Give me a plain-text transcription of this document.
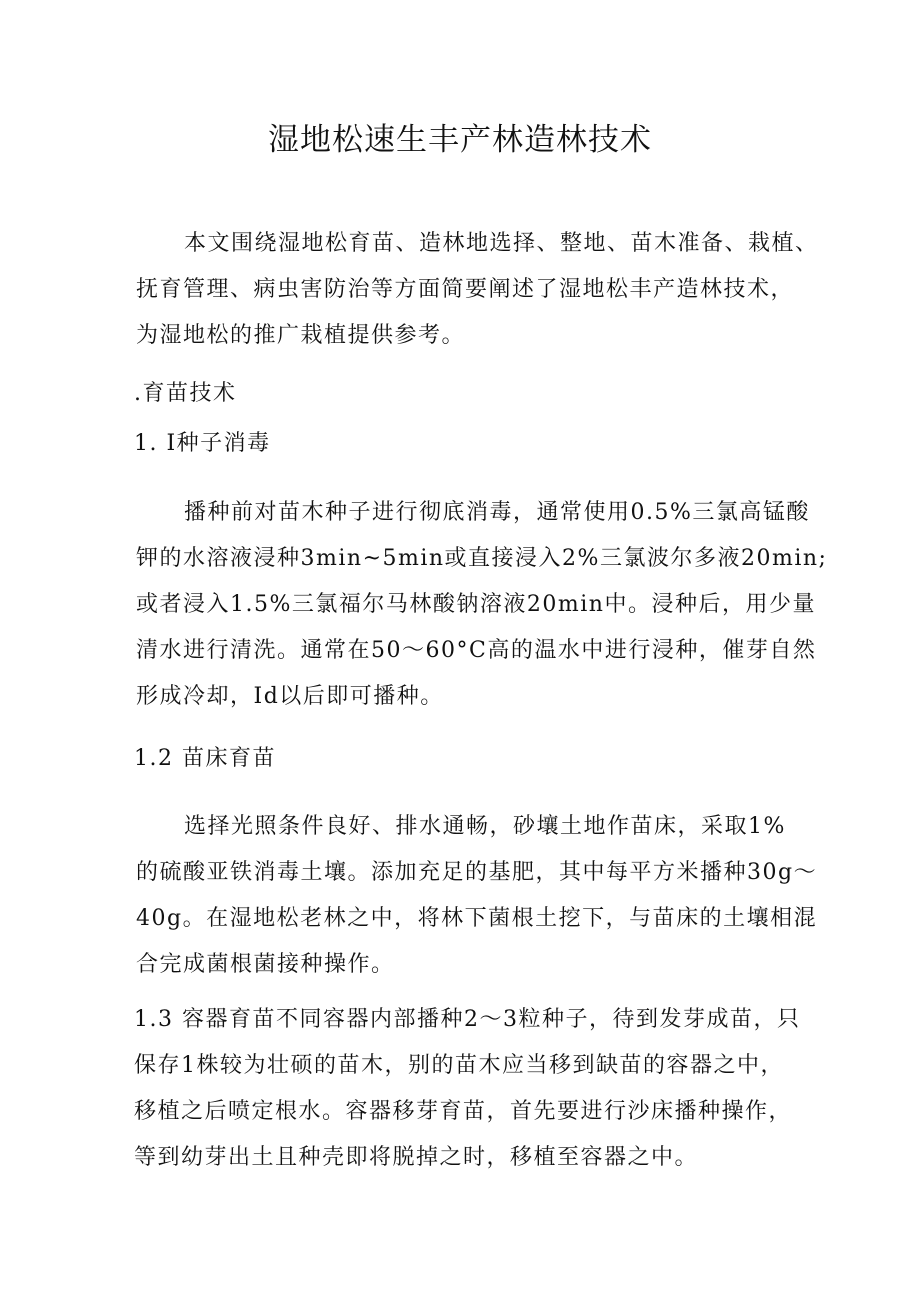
湿地松速生丰产林造林技术
本文围绕湿地松育苗、造林地选择、整地、苗木准备、栽植、
抚育管理、病虫害防治等方面简要阐述了湿地松丰产造林技术，
为湿地松的推广栽植提供参考。
.育苗技术
1. I种子消毒
播种前对苗木种子进行彻底消毒，通常使用0.5%三氯高锰酸
钾的水溶液浸种3min~5min或直接浸入2%三氯波尔多液20min;
或者浸入1.5%三氯福尔马林酸钠溶液20min中。浸种后，用少量
清水进行清洗。通常在50～60°C高的温水中进行浸种，催芽自然
形成冷却，Id以后即可播种。
1.2 苗床育苗
选择光照条件良好、排水通畅，砂壤土地作苗床，采取1%
的硫酸亚铁消毒土壤。添加充足的基肥，其中每平方米播种30g～
40g。在湿地松老林之中，将林下菌根土挖下，与苗床的土壤相混
合完成菌根菌接种操作。
1.3 容器育苗不同容器内部播种2～3粒种子，待到发芽成苗，只
保存1株较为壮硕的苗木，别的苗木应当移到缺苗的容器之中，
移植之后喷定根水。容器移芽育苗，首先要进行沙床播种操作，
等到幼芽出土且种壳即将脱掉之时，移植至容器之中。
